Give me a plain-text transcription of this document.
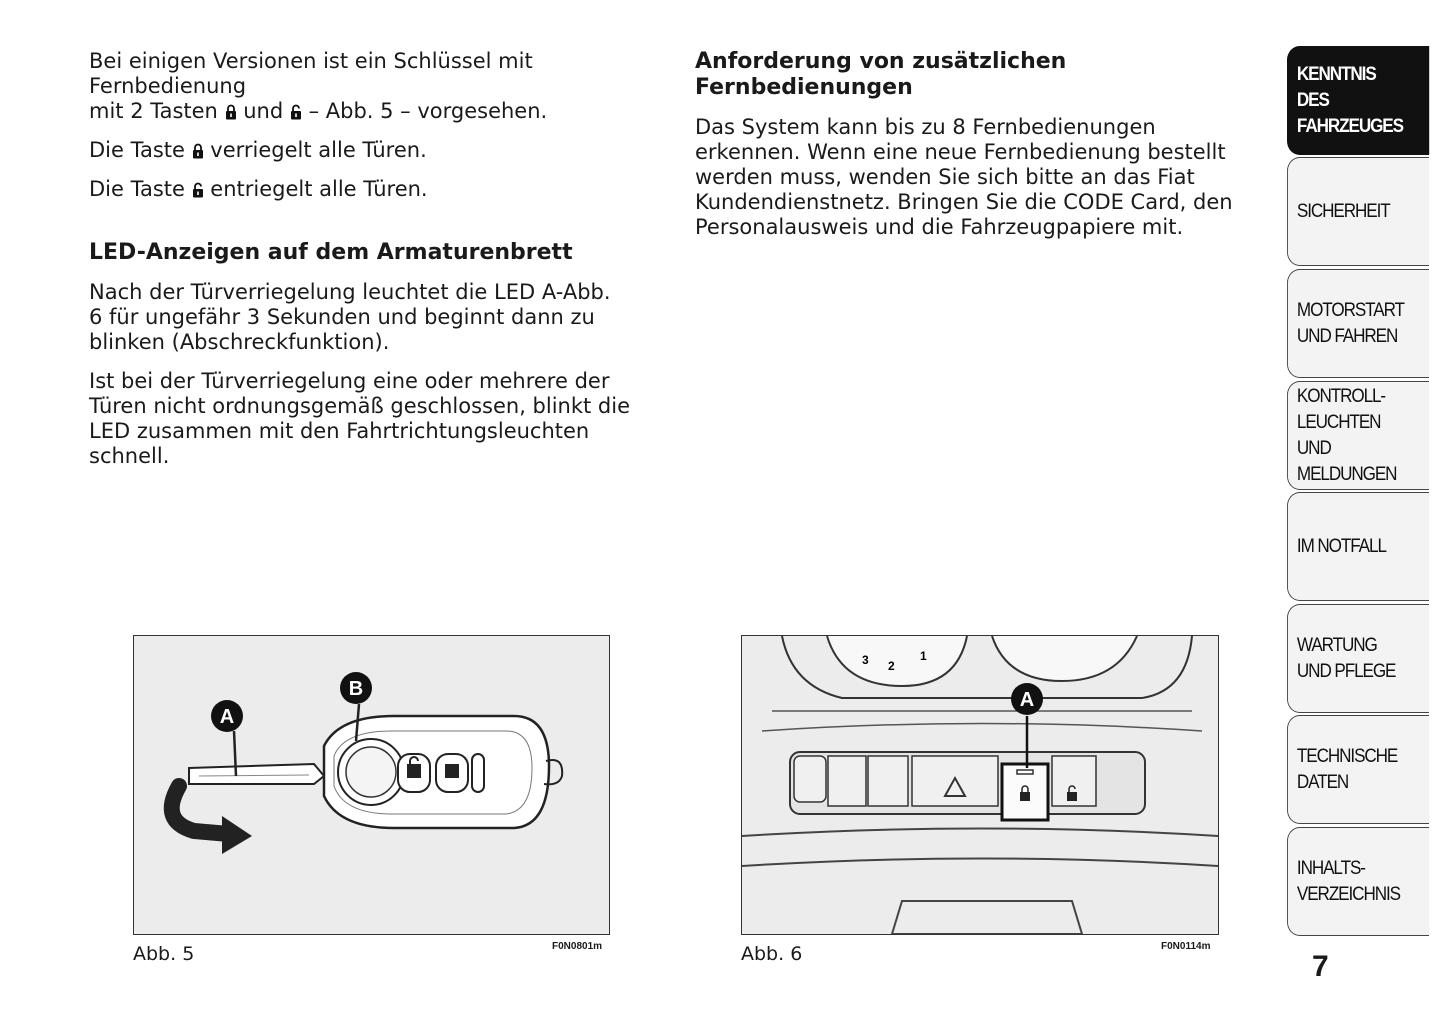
Bei einigen Versionen ist ein Schlüssel mit Fernbedienung
mit 2 Tasten und – Abb. 5 – vorgesehen.

Die Taste verriegelt alle Türen.

Die Taste entriegelt alle Türen.

LED-Anzeigen auf dem Armaturenbrett

Nach der Türverriegelung leuchtet die LED A-Abb. 6 für ungefähr 3 Sekunden und beginnt dann zu blinken (Abschreckfunktion).

Ist bei der Türverriegelung eine oder mehrere der Türen nicht ordnungsgemäß geschlossen, blinkt die LED zusammen mit den Fahrtrichtungsleuchten schnell.

Anforderung von zusätzlichen Fernbedienungen

Das System kann bis zu 8 Fernbedienungen erkennen. Wenn eine neue Fernbedienung bestellt werden muss, wenden Sie sich bitte an das Fiat Kundendienstnetz. Bringen Sie die CODE Card, den Personalausweis und die Fahrzeugpapiere mit.

A
B
Abb. 5	F0N0801m
3 2
1
A
Abb. 6	F0N0114m
KENNTNIS
DES FAHRZEUGES
SICHERHEIT
MOTORSTART
UND FAHREN
KONTROLL-
LEUCHTEN
UND MELDUNGEN
IM NOTFALL
WARTUNG
UND PFLEGE
TECHNISCHE
DATEN
INHALTS-
VERZEICHNIS
7
